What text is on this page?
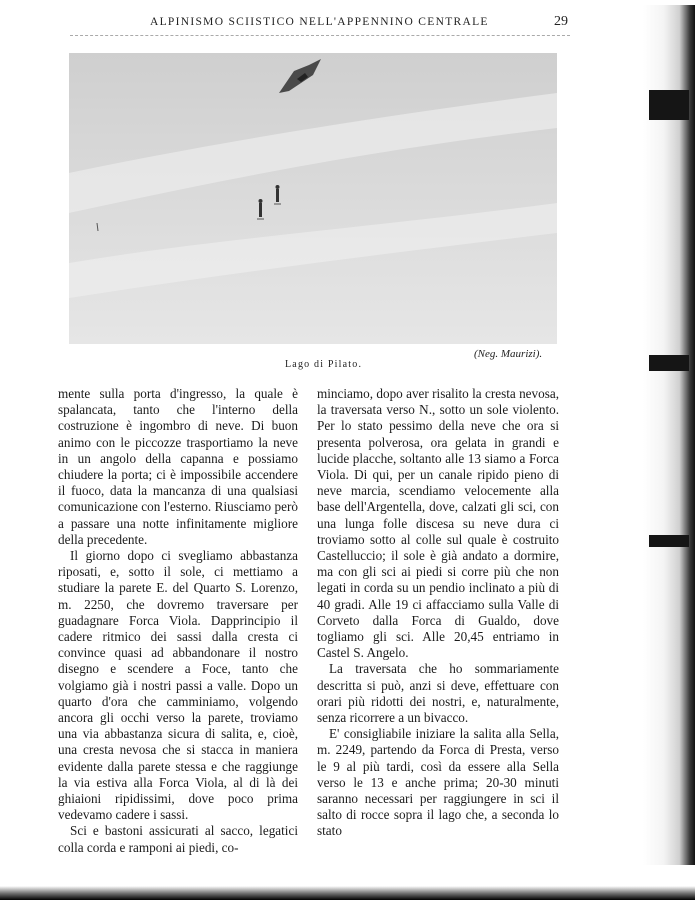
ALPINISMO SCIISTICO NELL'APPENNINO CENTRALE	29
Lago di Pilato.
(Neg. Maurizi).

mente sulla porta d'ingresso, la quale è spalancata, tanto che l'interno della costruzione è ingombro di neve. Di buon animo con le piccozze trasportiamo la neve in un angolo della capanna e possiamo chiudere la porta; ci è impossibile accendere il fuoco, data la mancanza di una qualsiasi comunicazione con l'esterno. Riusciamo però a passare una notte infinitamente migliore della precedente.

Il giorno dopo ci svegliamo abbastanza riposati, e, sotto il sole, ci mettiamo a studiare la parete E. del Quarto S. Lorenzo, m. 2250, che dovremo traversare per guadagnare Forca Viola. Dapprincipio il cadere ritmico dei sassi dalla cresta ci convince quasi ad abbandonare il nostro disegno e scendere a Foce, tanto che volgiamo già i nostri passi a valle. Dopo un quarto d'ora che camminiamo, volgendo ancora gli occhi verso la parete, troviamo una via abbastanza sicura di salita, e, cioè, una cresta nevosa che si stacca in maniera evidente dalla parete stessa e che raggiunge la via estiva alla Forca Viola, al di là dei ghiaioni ripidissimi, dove poco prima vedevamo cadere i sassi.

Sci e bastoni assicurati al sacco, legatici colla corda e ramponi ai piedi, co-

minciamo, dopo aver risalito la cresta nevosa, la traversata verso N., sotto un sole violento. Per lo stato pessimo della neve che ora si presenta polverosa, ora gelata in grandi e lucide placche, soltanto alle 13 siamo a Forca Viola. Di qui, per un canale ripido pieno di neve marcia, scendiamo velocemente alla base dell'Argentella, dove, calzati gli sci, con una lunga folle discesa su neve dura ci troviamo sotto al colle sul quale è costruito Castelluccio; il sole è già andato a dormire, ma con gli sci ai piedi si corre più che non legati in corda su un pendio inclinato a più di 40 gradi. Alle 19 ci affacciamo sulla Valle di Corveto dalla Forca di Gualdo, dove togliamo gli sci. Alle 20,45 entriamo in Castel S. Angelo.

La traversata che ho sommariamente descritta si può, anzi si deve, effettuare con orari più ridotti dei nostri, e, naturalmente, senza ricorrere a un bivacco.

E' consigliabile iniziare la salita alla Sella, m. 2249, partendo da Forca di Presta, verso le 9 al più tardi, così da essere alla Sella verso le 13 e anche prima; 20-30 minuti saranno necessari per raggiungere in sci il salto di rocce sopra il lago che, a seconda lo stato
